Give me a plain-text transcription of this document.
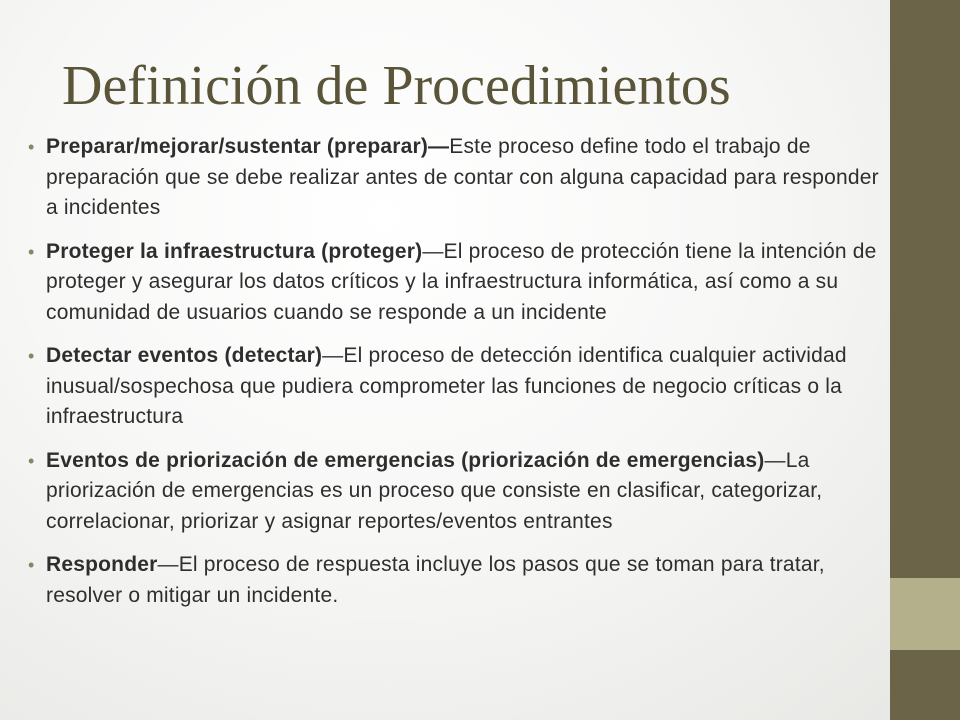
Definición de Procedimientos
• Preparar/mejorar/sustentar (preparar)—Este proceso define todo el trabajo de preparación que se debe realizar antes de contar con alguna capacidad para responder a incidentes
• Proteger la infraestructura (proteger)—El proceso de protección tiene la intención de proteger y asegurar los datos críticos y la infraestructura informática, así como a su comunidad de usuarios cuando se responde a un incidente
• Detectar eventos (detectar)—El proceso de detección identifica cualquier actividad inusual/sospechosa que pudiera comprometer las funciones de negocio críticas o la infraestructura
• Eventos de priorización de emergencias (priorización de emergencias)—La priorización de emergencias es un proceso que consiste en clasificar, categorizar, correlacionar, priorizar y asignar reportes/eventos entrantes
• Responder—El proceso de respuesta incluye los pasos que se toman para tratar, resolver o mitigar un incidente.
